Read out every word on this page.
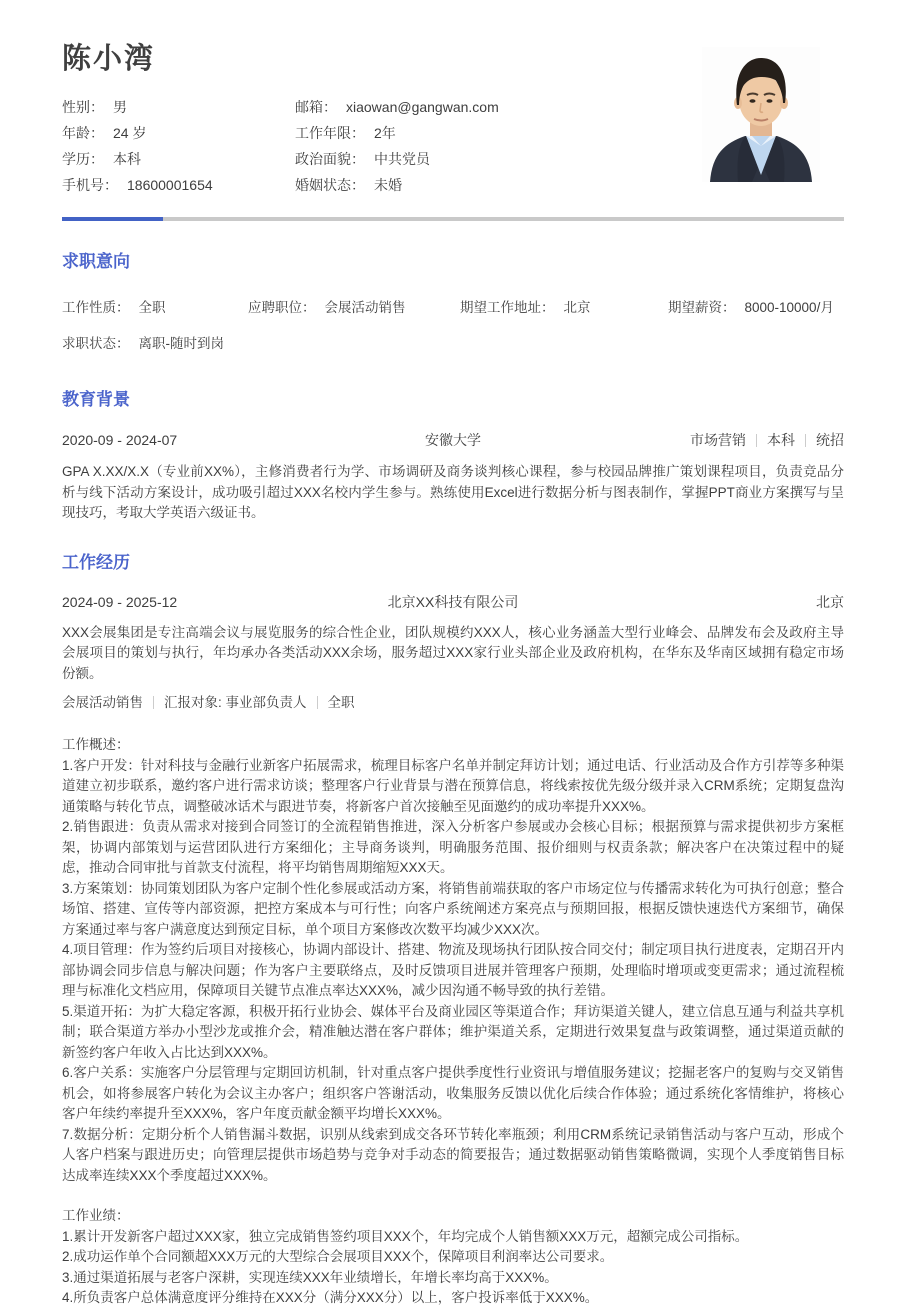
陈小湾
性别： 男	邮箱： xiaowan@gangwan.com
年龄： 24 岁	工作年限： 2年
学历： 本科	政治面貌： 中共党员
手机号： 18600001654	婚姻状态： 未婚
求职意向
工作性质： 全职	应聘职位： 会展活动销售	期望工作地址： 北京	期望薪资： 8000-10000/月
求职状态： 离职-随时到岗
教育背景
2020-09 - 2024-07	安徽大学	市场营销 本科 统招
GPA X.XX/X.X（专业前XX%），主修消费者行为学、市场调研及商务谈判核心课程，参与校园品牌推广策划课程项目，负责竞品分析与线下活动方案设计，成功吸引超过XXX名校内学生参与。熟练使用Excel进行数据分析与图表制作，掌握PPT商业方案撰写与呈现技巧，考取大学英语六级证书。
工作经历
2024-09 - 2025-12	北京XX科技有限公司	北京
XXX会展集团是专注高端会议与展览服务的综合性企业，团队规模约XXX人，核心业务涵盖大型行业峰会、品牌发布会及政府主导会展项目的策划与执行，年均承办各类活动XXX余场，服务超过XXX家行业头部企业及政府机构，在华东及华南区域拥有稳定市场份额。
会展活动销售 汇报对象: 事业部负责人 全职
工作概述：
1.客户开发：针对科技与金融行业新客户拓展需求，梳理目标客户名单并制定拜访计划；通过电话、行业活动及合作方引荐等多种渠道建立初步联系，邀约客户进行需求访谈；整理客户行业背景与潜在预算信息，将线索按优先级分级并录入CRM系统；定期复盘沟通策略与转化节点，调整破冰话术与跟进节奏，将新客户首次接触至见面邀约的成功率提升XXX%。
2.销售跟进：负责从需求对接到合同签订的全流程销售推进，深入分析客户参展或办会核心目标；根据预算与需求提供初步方案框架，协调内部策划与运营团队进行方案细化；主导商务谈判，明确服务范围、报价细则与权责条款；解决客户在决策过程中的疑虑，推动合同审批与首款支付流程，将平均销售周期缩短XXX天。
3.方案策划：协同策划团队为客户定制个性化参展或活动方案，将销售前端获取的客户市场定位与传播需求转化为可执行创意；整合场馆、搭建、宣传等内部资源，把控方案成本与可行性；向客户系统阐述方案亮点与预期回报，根据反馈快速迭代方案细节，确保方案通过率与客户满意度达到预定目标，单个项目方案修改次数平均减少XXX次。
4.项目管理：作为签约后项目对接核心，协调内部设计、搭建、物流及现场执行团队按合同交付；制定项目执行进度表，定期召开内部协调会同步信息与解决问题；作为客户主要联络点，及时反馈项目进展并管理客户预期，处理临时增项或变更需求；通过流程梳理与标准化文档应用，保障项目关键节点准点率达XXX%，减少因沟通不畅导致的执行差错。
5.渠道开拓：为扩大稳定客源，积极开拓行业协会、媒体平台及商业园区等渠道合作；拜访渠道关键人，建立信息互通与利益共享机制；联合渠道方举办小型沙龙或推介会，精准触达潜在客户群体；维护渠道关系，定期进行效果复盘与政策调整，通过渠道贡献的新签约客户年收入占比达到XXX%。
6.客户关系：实施客户分层管理与定期回访机制，针对重点客户提供季度性行业资讯与增值服务建议；挖掘老客户的复购与交叉销售机会，如将参展客户转化为会议主办客户；组织客户答谢活动，收集服务反馈以优化后续合作体验；通过系统化客情维护，将核心客户年续约率提升至XXX%，客户年度贡献金额平均增长XXX%。
7.数据分析：定期分析个人销售漏斗数据，识别从线索到成交各环节转化率瓶颈；利用CRM系统记录销售活动与客户互动，形成个人客户档案与跟进历史；向管理层提供市场趋势与竞争对手动态的简要报告；通过数据驱动销售策略微调，实现个人季度销售目标达成率连续XXX个季度超过XXX%。
工作业绩：
1.累计开发新客户超过XXX家，独立完成销售签约项目XXX个，年均完成个人销售额XXX万元，超额完成公司指标。
2.成功运作单个合同额超XXX万元的大型综合会展项目XXX个，保障项目利润率达公司要求。
3.通过渠道拓展与老客户深耕，实现连续XXX年业绩增长，年增长率均高于XXX%。
4.所负责客户总体满意度评分维持在XXX分（满分XXX分）以上，客户投诉率低于XXX%。
